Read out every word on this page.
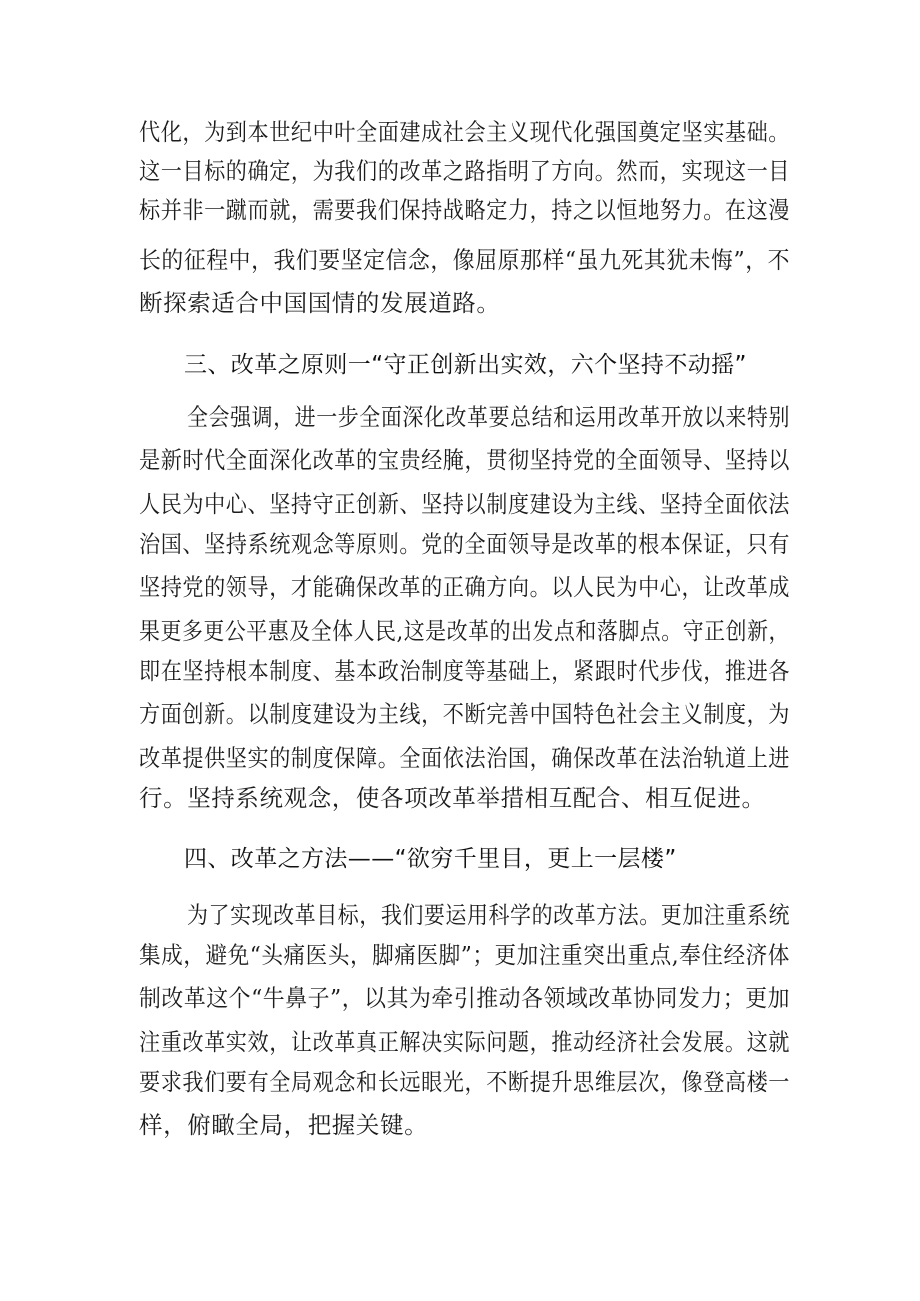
代化，为到本世纪中叶全面建成社会主义现代化强国奠定坚实基础。
这一目标的确定，为我们的改革之路指明了方向。然而，实现这一目
标并非一蹴而就，需要我们保持战略定力，持之以恒地努力。在这漫
长的征程中，我们要坚定信念，像屈原那样“虽九死其犹未悔”，不
断探索适合中国国情的发展道路。
三、改革之原则一“守正创新出实效，六个坚持不动摇”
全会强调，进一步全面深化改革要总结和运用改革开放以来特别
是新时代全面深化改革的宝贵经腌，贯彻坚持党的全面领导、坚持以
人民为中心、坚持守正创新、坚持以制度建设为主线、坚持全面依法
治国、坚持系统观念等原则。党的全面领导是改革的根本保证，只有
坚持党的领导，才能确保改革的正确方向。以人民为中心，让改革成
果更多更公平惠及全体人民,这是改革的出发点和落脚点。守正创新，
即在坚持根本制度、基本政治制度等基础上，紧跟时代步伐，推进各
方面创新。以制度建设为主线，不断完善中国特色社会主义制度，为
改革提供坚实的制度保障。全面依法治国，确保改革在法治轨道上进
行。坚持系统观念，使各项改革举措相互配合、相互促进。
四、改革之方法——“欲穷千里目，更上一层楼”
为了实现改革目标，我们要运用科学的改革方法。更加注重系统
集成，避免“头痛医头，脚痛医脚”；更加注重突出重点,奉住经济体
制改革这个“牛鼻子”，以其为牵引推动各领域改革协同发力；更加
注重改革实效，让改革真正解决实际问题，推动经济社会发展。这就
要求我们要有全局观念和长远眼光，不断提升思维层次，像登高楼一
样，俯瞰全局，把握关键。
